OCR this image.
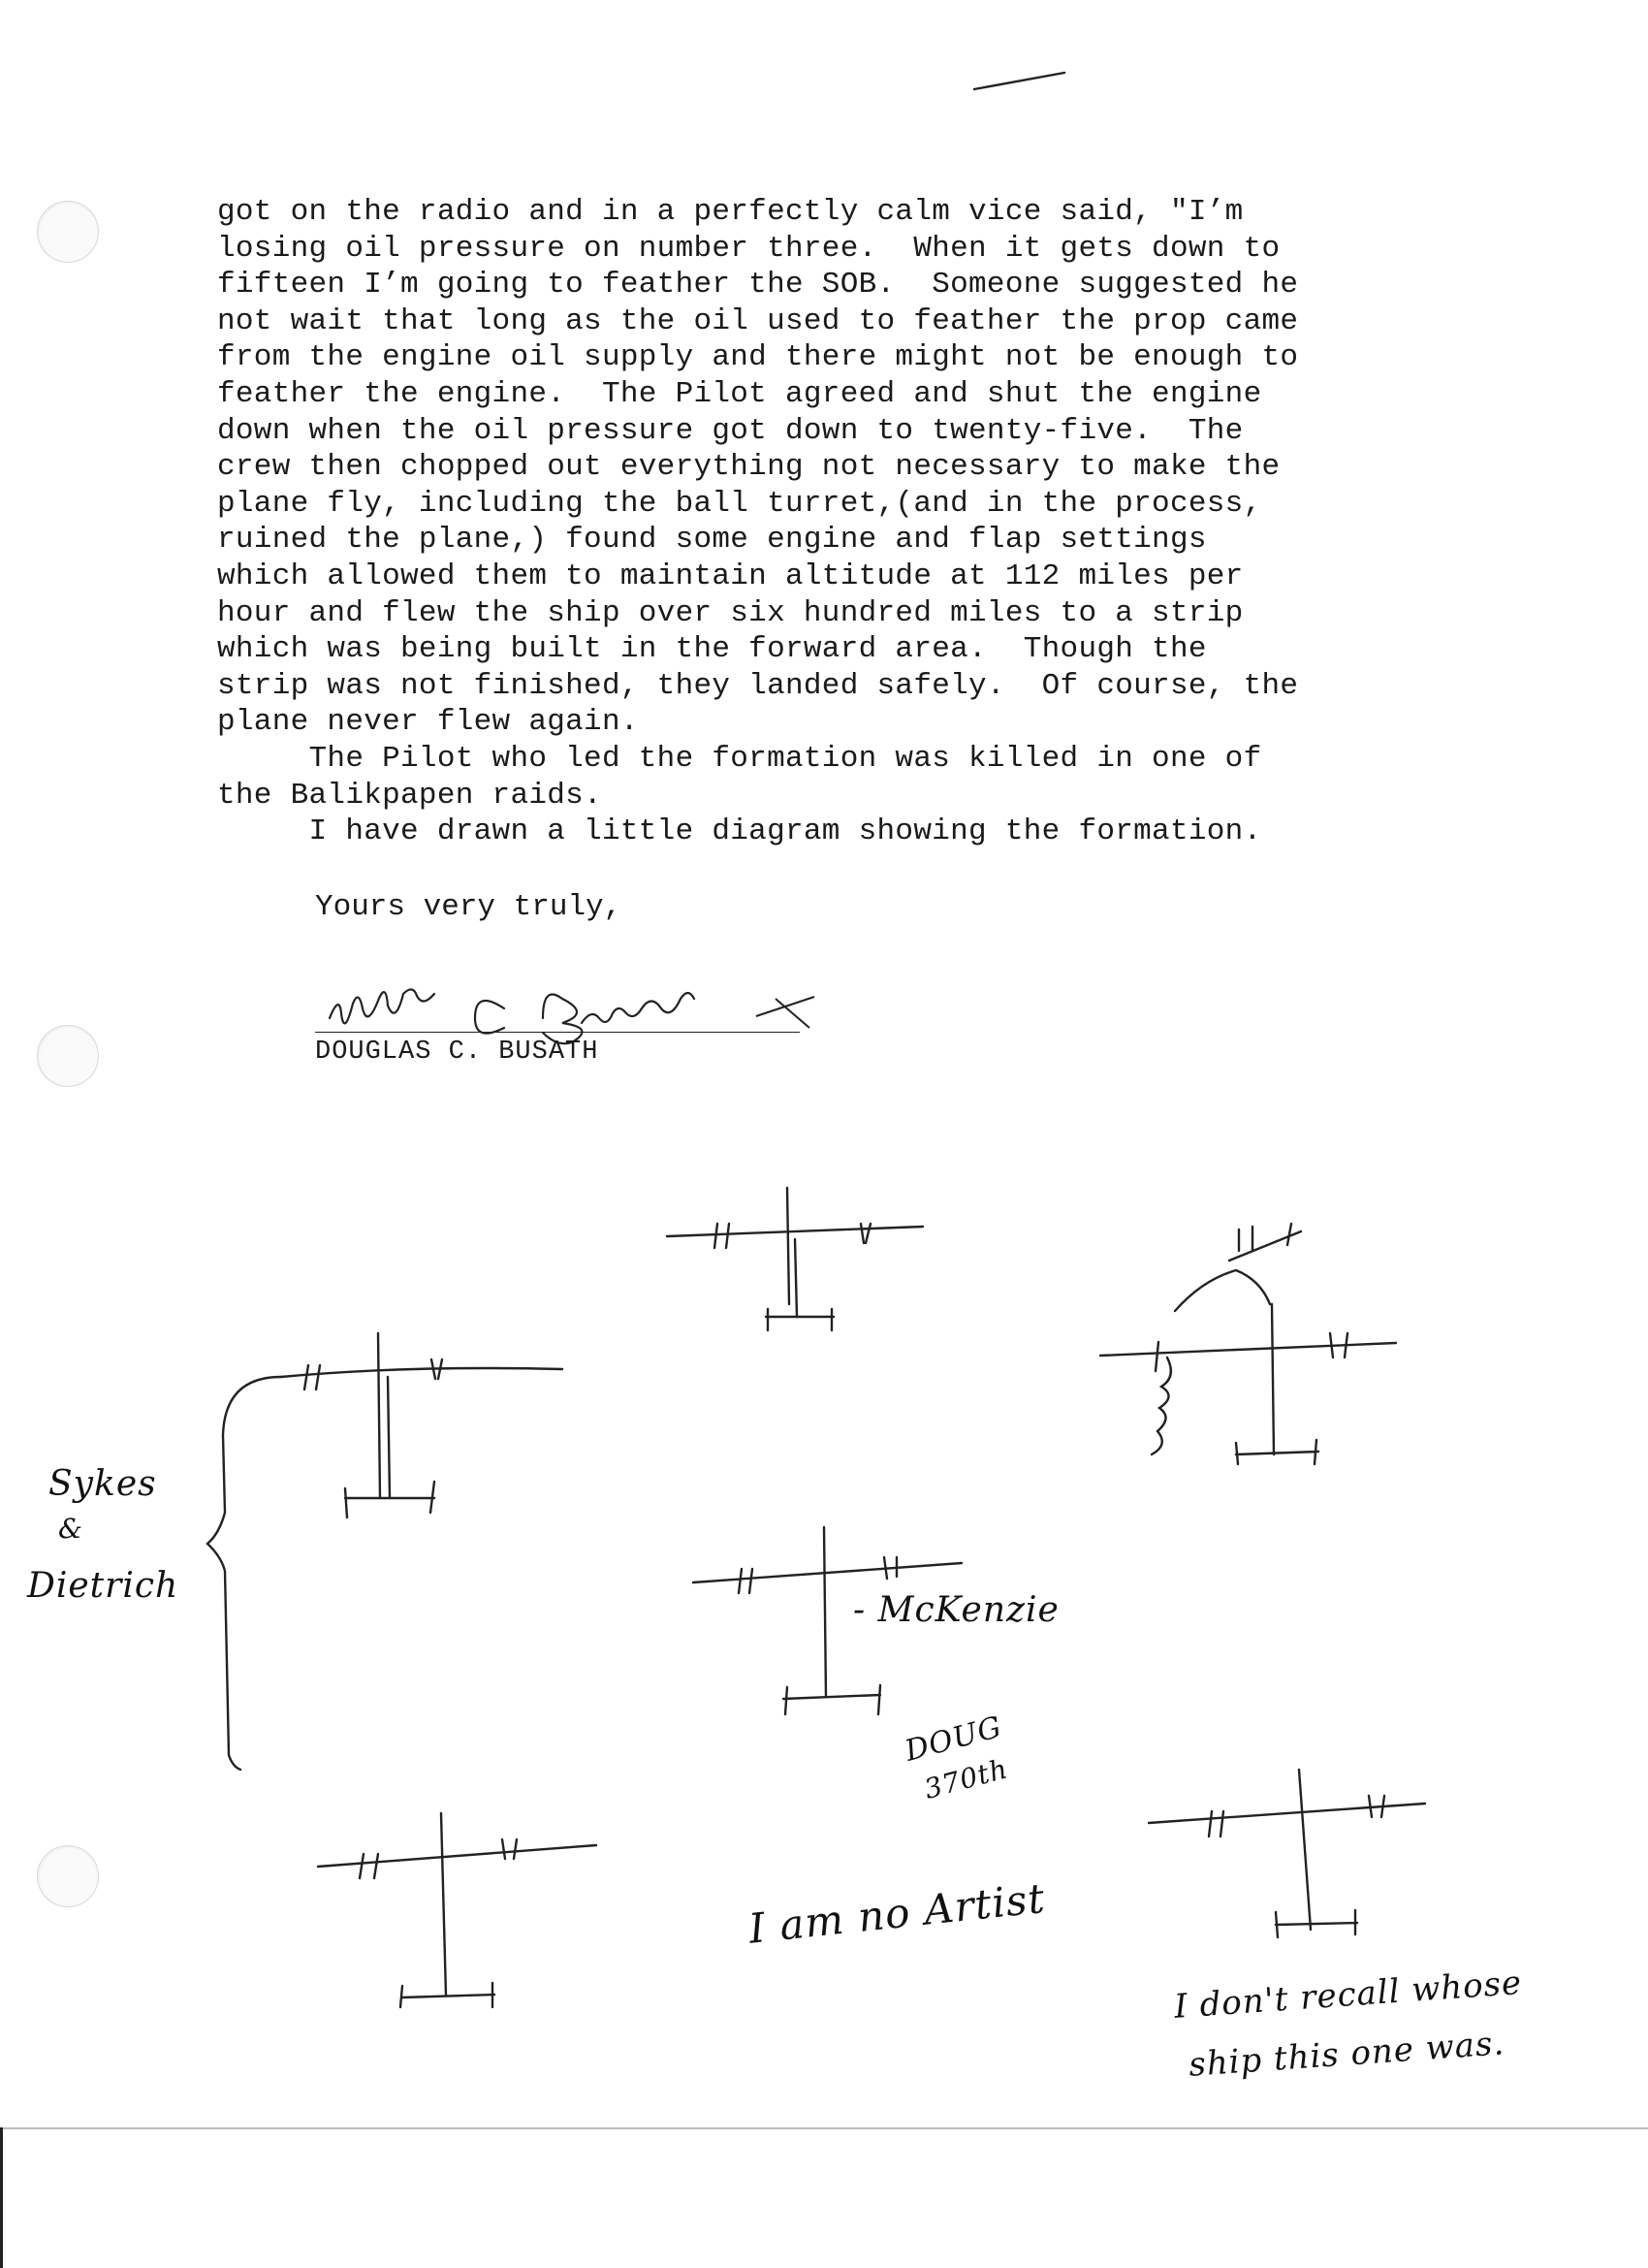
got on the radio and in a perfectly calm vice said, "I’m
losing oil pressure on number three.  When it gets down to
fifteen I’m going to feather the SOB.  Someone suggested he
not wait that long as the oil used to feather the prop came
from the engine oil supply and there might not be enough to
feather the engine.  The Pilot agreed and shut the engine
down when the oil pressure got down to twenty-five.  The
crew then chopped out everything not necessary to make the
plane fly, including the ball turret,(and in the process,
ruined the plane,) found some engine and flap settings
which allowed them to maintain altitude at 112 miles per
hour and flew the ship over six hundred miles to a strip
which was being built in the forward area.  Though the
strip was not finished, they landed safely.  Of course, the
plane never flew again.

The Pilot who led the formation was killed in one of
the Balikpapen raids.

I have drawn a little diagram showing the formation.

Yours very truly,
DOUGLAS C. BUSATH
Sykes
&
Dietrich
- McKenzie
DOUG
370th
I am no Artist
I don't recall whose
ship this one was.
